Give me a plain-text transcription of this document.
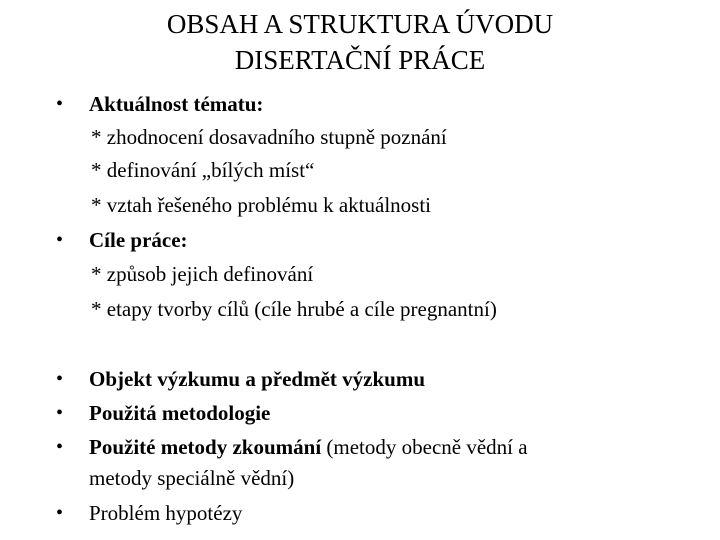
OBSAH A STRUKTURA ÚVODU
DISERTAČNÍ PRÁCE
•	Aktuálnost tématu:
* zhodnocení dosavadního stupně poznání
* definování „bílých míst“
* vztah řešeného problému k aktuálnosti
•	Cíle práce:
* způsob jejich definování
* etapy tvorby cílů (cíle hrubé a cíle pregnantní)
•	Objekt výzkumu a předmět výzkumu
•	Použitá metodologie
•	Použité metody zkoumání (metody obecně vědní a
metody speciálně vědní)
•	Problém hypotézy
